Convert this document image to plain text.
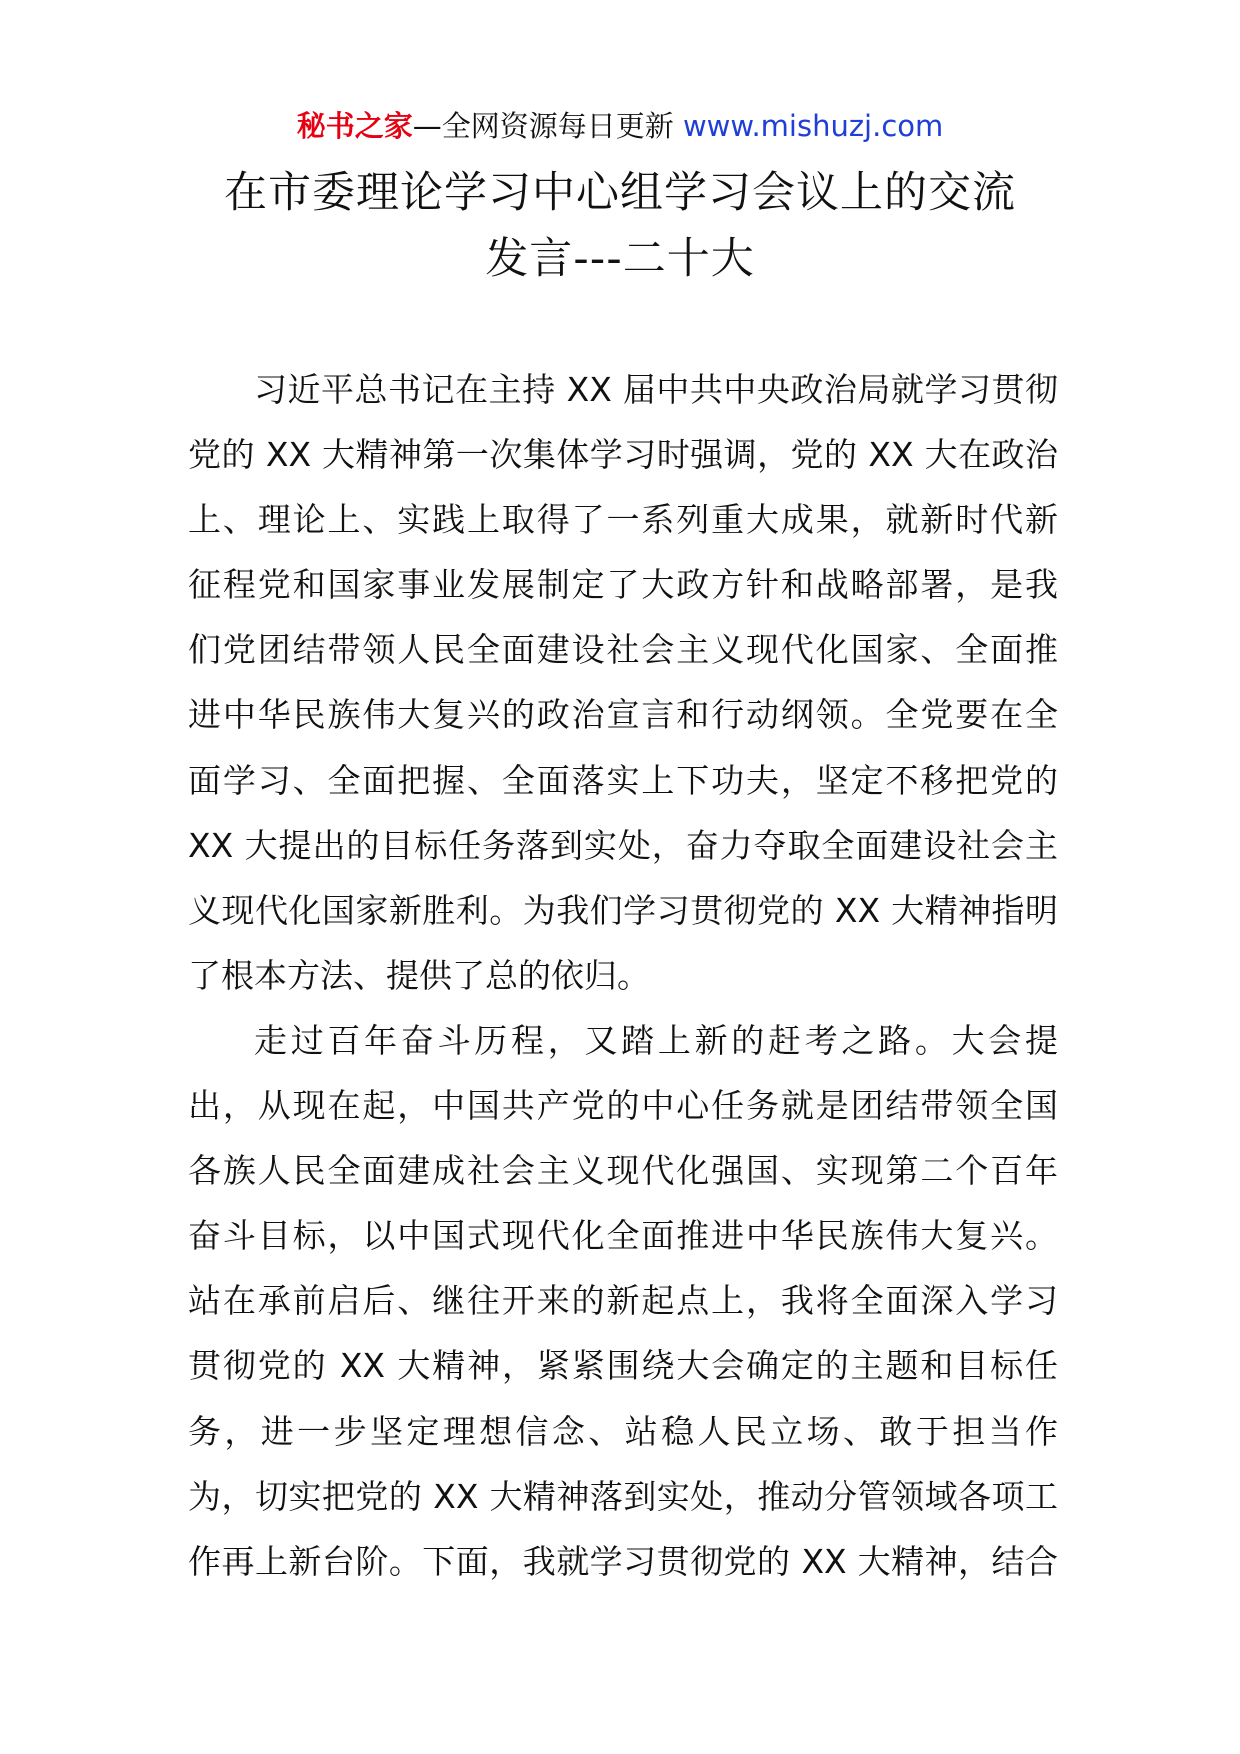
秘书之家—全网资源每日更新 www.mishuzj.com
在市委理论学习中心组学习会议上的交流
发言---二十大
习近平总书记在主持 XX 届中共中央政治局就学习贯彻
党的 XX 大精神第一次集体学习时强调，党的 XX 大在政治
上、理论上、实践上取得了一系列重大成果，就新时代新
征程党和国家事业发展制定了大政方针和战略部署，是我
们党团结带领人民全面建设社会主义现代化国家、全面推
进中华民族伟大复兴的政治宣言和行动纲领。全党要在全
面学习、全面把握、全面落实上下功夫，坚定不移把党的
XX 大提出的目标任务落到实处，奋力夺取全面建设社会主
义现代化国家新胜利。为我们学习贯彻党的 XX 大精神指明
了根本方法、提供了总的依归。
走过百年奋斗历程，又踏上新的赶考之路。大会提
出，从现在起，中国共产党的中心任务就是团结带领全国
各族人民全面建成社会主义现代化强国、实现第二个百年
奋斗目标，以中国式现代化全面推进中华民族伟大复兴。
站在承前启后、继往开来的新起点上，我将全面深入学习
贯彻党的 XX 大精神，紧紧围绕大会确定的主题和目标任
务，进一步坚定理想信念、站稳人民立场、敢于担当作
为，切实把党的 XX 大精神落到实处，推动分管领域各项工
作再上新台阶。下面，我就学习贯彻党的 XX 大精神，结合
